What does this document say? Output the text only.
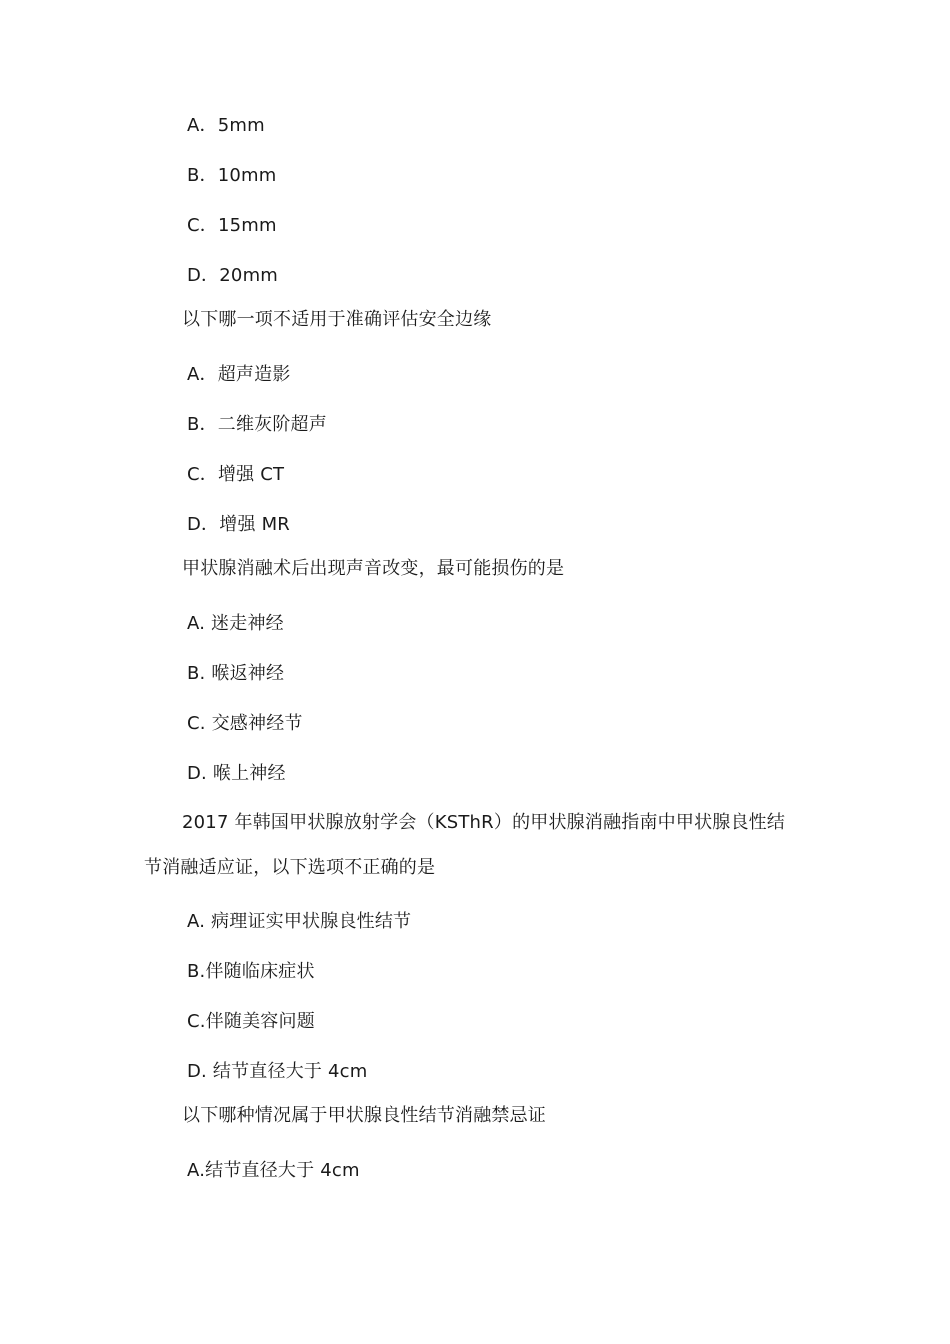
A．5mm
B．10mm
C．15mm
D．20mm
以下哪一项不适用于准确评估安全边缘
A．超声造影
B．二维灰阶超声
C．增强 CT
D．增强 MR
甲状腺消融术后出现声音改变，最可能损伤的是
A. 迷走神经
B. 喉返神经
C. 交感神经节
D. 喉上神经
2017 年韩国甲状腺放射学会（KSThR）的甲状腺消融指南中甲状腺良性结
节消融适应证，以下选项不正确的是
A. 病理证实甲状腺良性结节
B.伴随临床症状
C.伴随美容问题
D. 结节直径大于 4cm
以下哪种情况属于甲状腺良性结节消融禁忌证
A.结节直径大于 4cm
